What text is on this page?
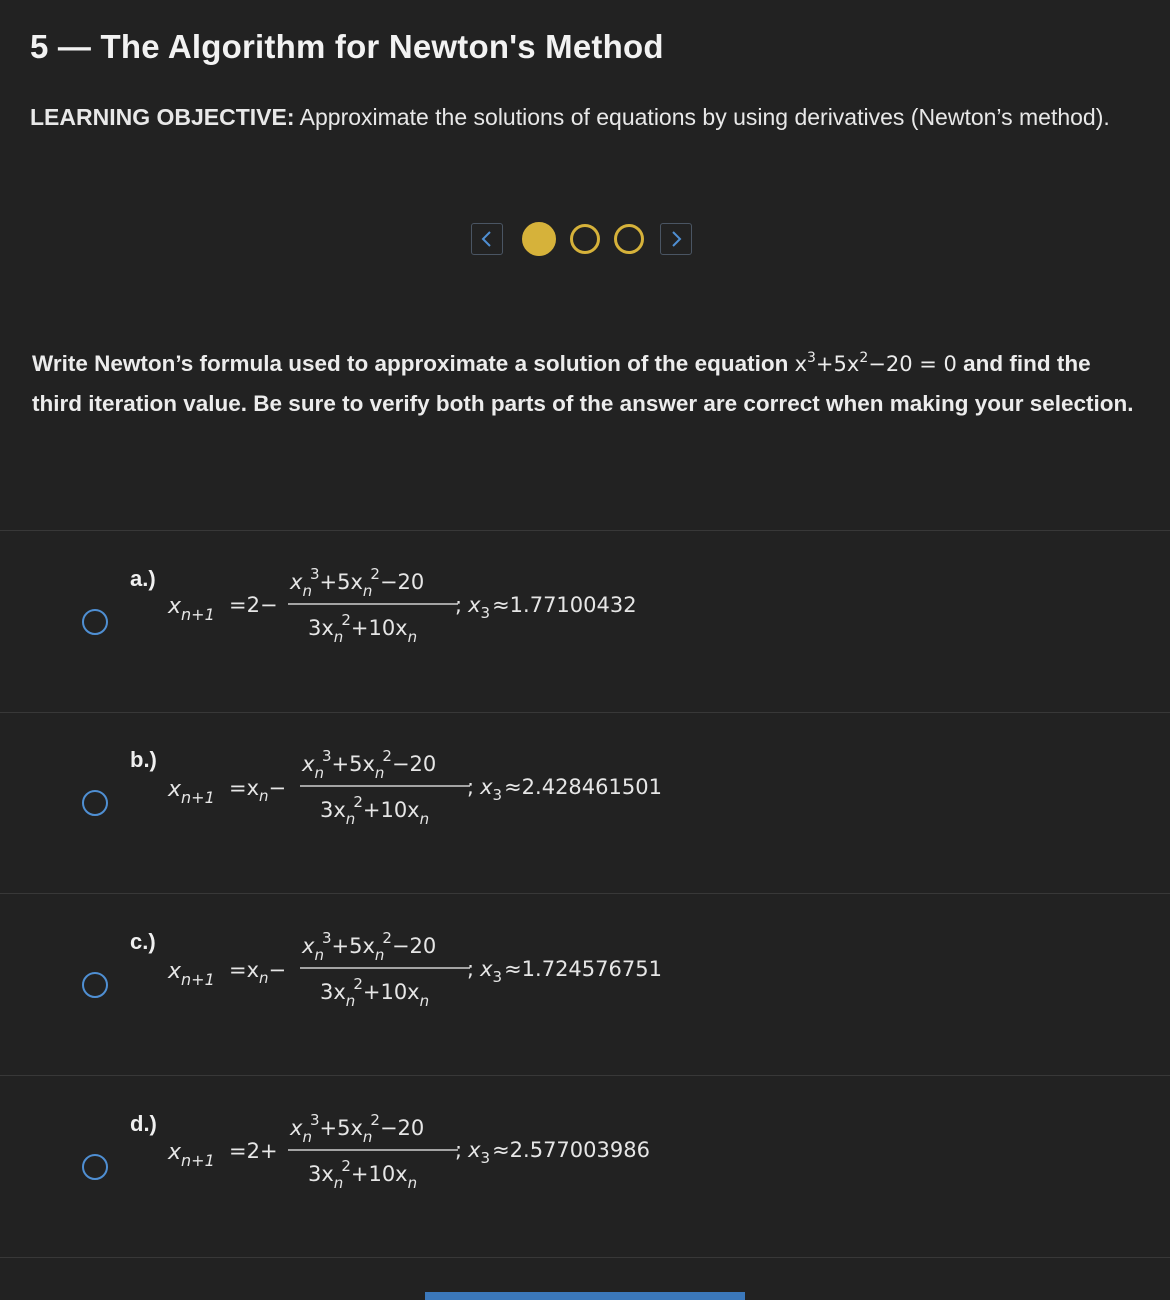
5 — The Algorithm for Newton's Method
LEARNING OBJECTIVE: Approximate the solutions of equations by using derivatives (Newton’s method).
Write Newton’s formula used to approximate a solution of the equation $x^3+5x^2-20 = 0$ and find the third iteration value. Be sure to verify both parts of the answer are correct when making your selection.
a.)
$x_{n+1} =2-$
$x_n3+5x_n2-20$
$3x_n2+10x_n$
; $x_3\approx 1.77100432$
b.)
$x_{n+1} =x_n-$
$x_n3+5x_n2-20$
$3x_n2+10x_n$
; $x_3\approx 2.428461501$
c.)
$x_{n+1} =x_n-$
$x_n3+5x_n2-20$
$3x_n2+10x_n$
; $x_3\approx 1.724576751$
d.)
$x_{n+1} =2+$
$x_n3+5x_n2-20$
$3x_n2+10x_n$
; $x_3\approx 2.577003986$
